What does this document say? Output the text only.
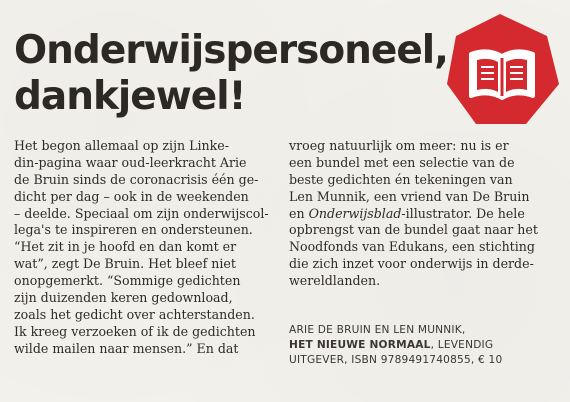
Onderwijspersoneel,
dankjewel!
Het begon allemaal op zijn Linke-
din-pagina waar oud-leerkracht Arie
de Bruin sinds de coronacrisis één ge-
dicht per dag – ook in de weekenden
– deelde. Speciaal om zijn onderwijscol-
lega's te inspireren en ondersteunen.
“Het zit in je hoofd en dan komt er
wat”, zegt De Bruin. Het bleef niet
onopgemerkt. “Sommige gedichten
zijn duizenden keren gedownload,
zoals het gedicht over achterstanden.
Ik kreeg verzoeken of ik de gedichten
wilde mailen naar mensen.” En dat
vroeg natuurlijk om meer: nu is er
een bundel met een selectie van de
beste gedichten én tekeningen van
Len Munnik, een vriend van De Bruin
en Onderwijsblad-illustrator. De hele
opbrengst van de bundel gaat naar het
Noodfonds van Edukans, een stichting
die zich inzet voor onderwijs in derde-
wereldlanden.
ARIE DE BRUIN EN LEN MUNNIK,
HET NIEUWE NORMAAL, LEVENDIG
UITGEVER, ISBN 9789491740855, € 10
